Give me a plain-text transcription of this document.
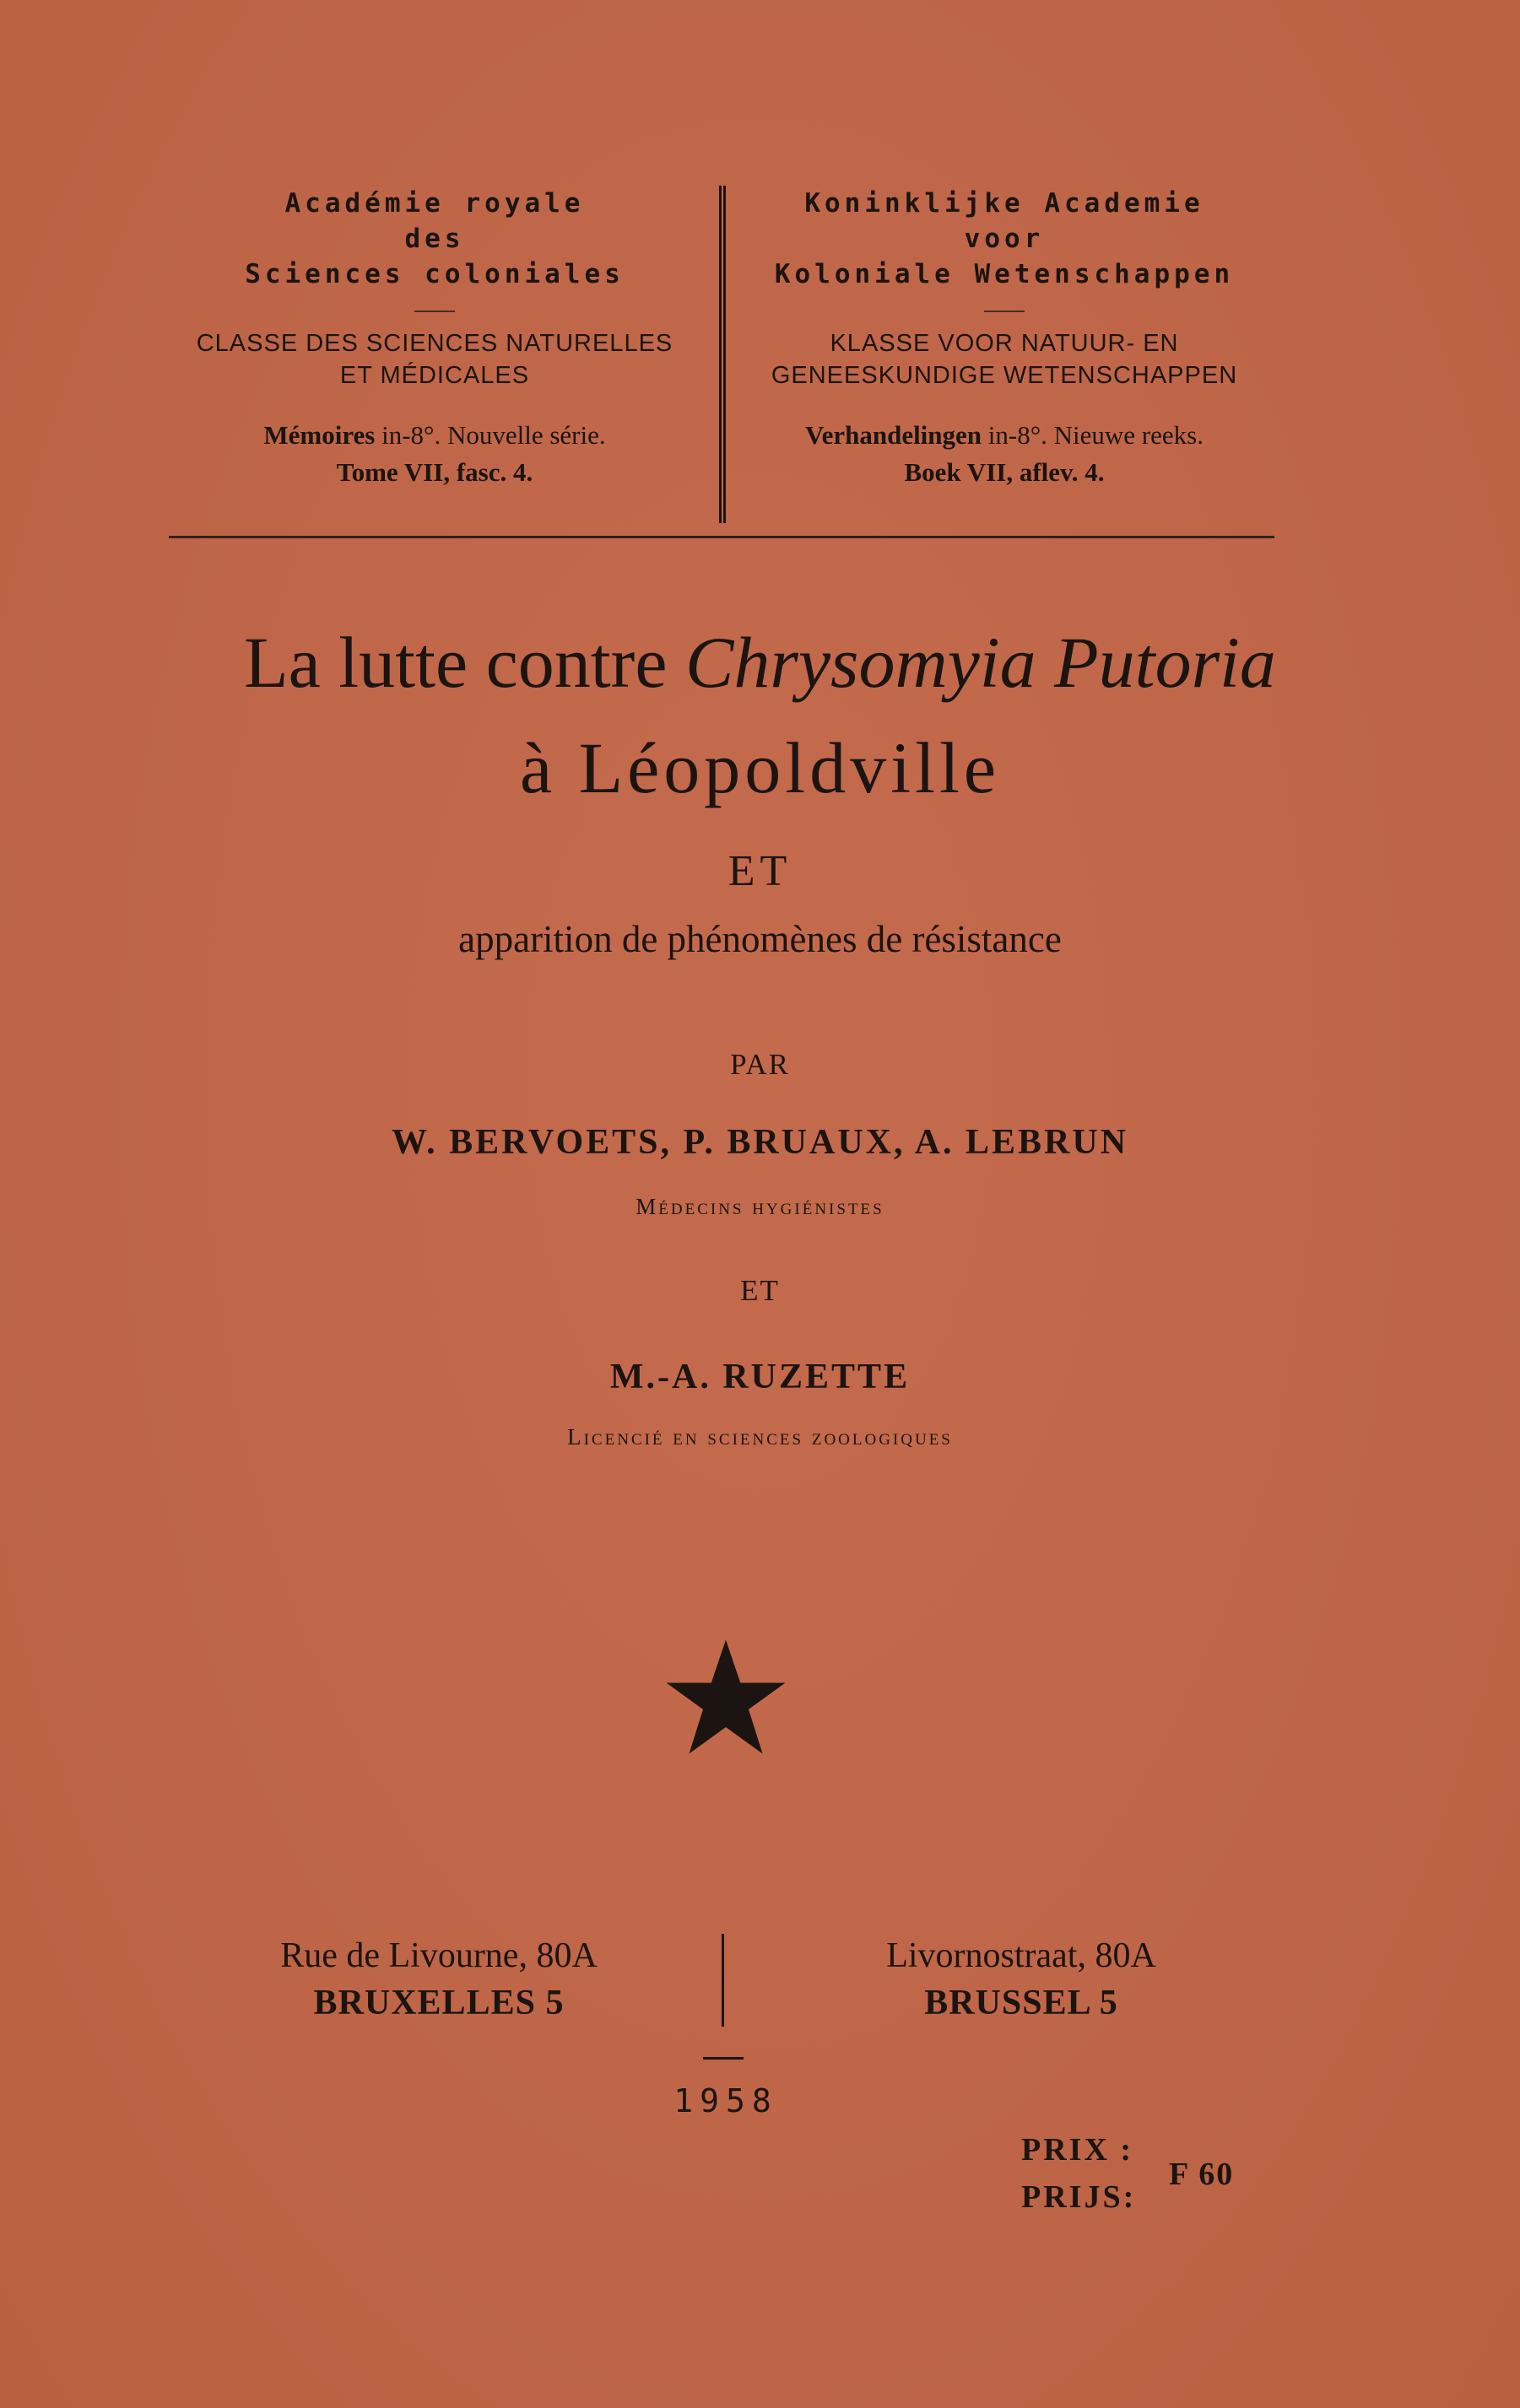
Académie royale
des
Sciences coloniales
CLASSE DES SCIENCES NATURELLES
ET MÉDICALES
Mémoires in-8°. Nouvelle série.
Tome VII, fasc. 4.
Koninklijke Academie
voor
Koloniale Wetenschappen
KLASSE VOOR NATUUR- EN
GENEESKUNDIGE WETENSCHAPPEN
Verhandelingen in-8°. Nieuwe reeks.
Boek VII, aflev. 4.
La lutte contre Chrysomyia Putoria
à Léopoldville
ET
apparition de phénomènes de résistance
PAR
W. BERVOETS, P. BRUAUX, A. LEBRUN
Médecins hygiénistes
ET
M.-A. RUZETTE
Licencié en sciences zoologiques
Rue de Livourne, 80A
BRUXELLES 5
Livornostraat, 80A
BRUSSEL 5
1958
PRIX :
PRIJS:
F 60
